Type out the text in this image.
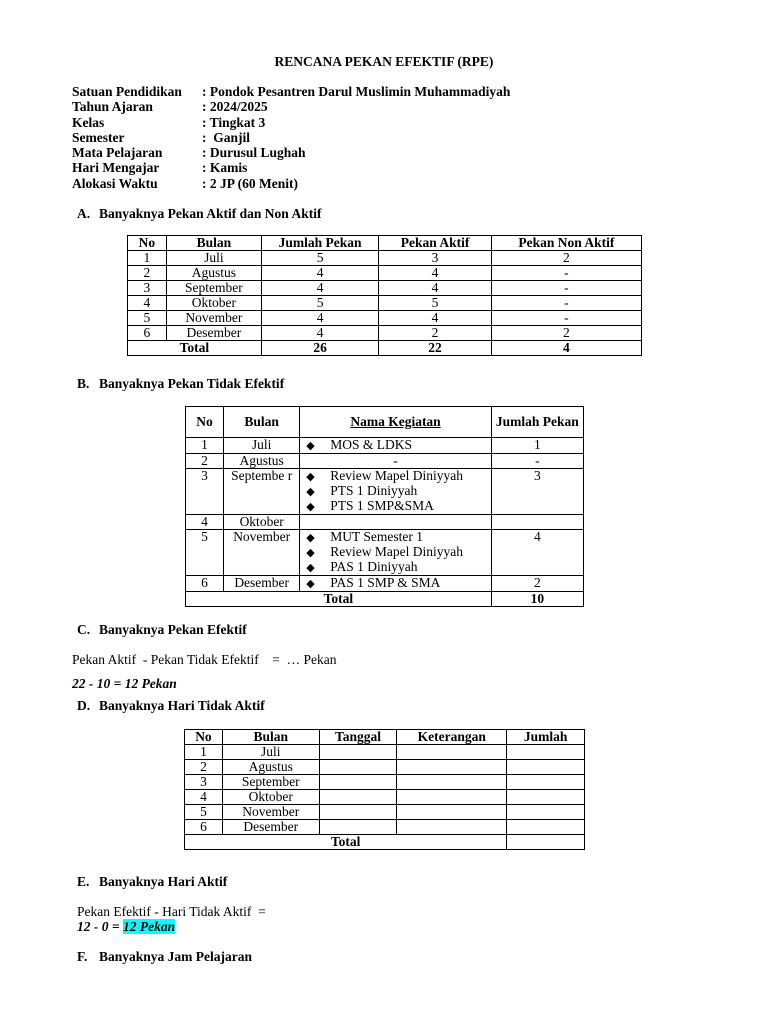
RENCANA PEKAN EFEKTIF (RPE)
Satuan Pendidikan	: Pondok Pesantren Darul Muslimin Muhammadiyah
Tahun Ajaran	: 2024/2025
Kelas	: Tingkat 3
Semester	:  Ganjil
Mata Pelajaran	: Durusul Lughah
Hari Mengajar	: Kamis
Alokasi Waktu	: 2 JP (60 Menit)
A. Banyaknya Pekan Aktif dan Non Aktif
No	Bulan	Jumlah Pekan	Pekan Aktif	Pekan Non Aktif
1	Juli	5	3	2
2	Agustus	4	4	-
3	September	4	4	-
4	Oktober	5	5	-
5	November	4	4	-
6	Desember	4	2	2
Total		26	22	4
B. Banyaknya Pekan Tidak Efektif
No	Bulan	Nama Kegiatan	Jumlah Pekan
1	Juli	◆ MOS & LDKS	1
2	Agustus	-	-
3	Septembe r	◆ Review Mapel Diniyyah
◆ PTS 1 Diniyyah
◆ PTS 1 SMP&SMA	3
4	Oktober		
5	November	◆ MUT Semester 1
◆ Review Mapel Diniyyah
◆ PAS 1 Diniyyah	4
6	Desember	◆ PAS 1 SMP & SMA	2
Total			10
C. Banyaknya Pekan Efektif
Pekan Aktif  - Pekan Tidak Efektif    =  … Pekan
22 - 10 = 12 Pekan
D. Banyaknya Hari Tidak Aktif
No	Bulan	Tanggal	Keterangan	Jumlah
1	Juli			
2	Agustus			
3	September			
4	Oktober			
5	November			
6	Desember			
Total				
E. Banyaknya Hari Aktif
Pekan Efektif - Hari Tidak Aktif  =
12 - 0 = 12 Pekan
F. Banyaknya Jam Pelajaran
